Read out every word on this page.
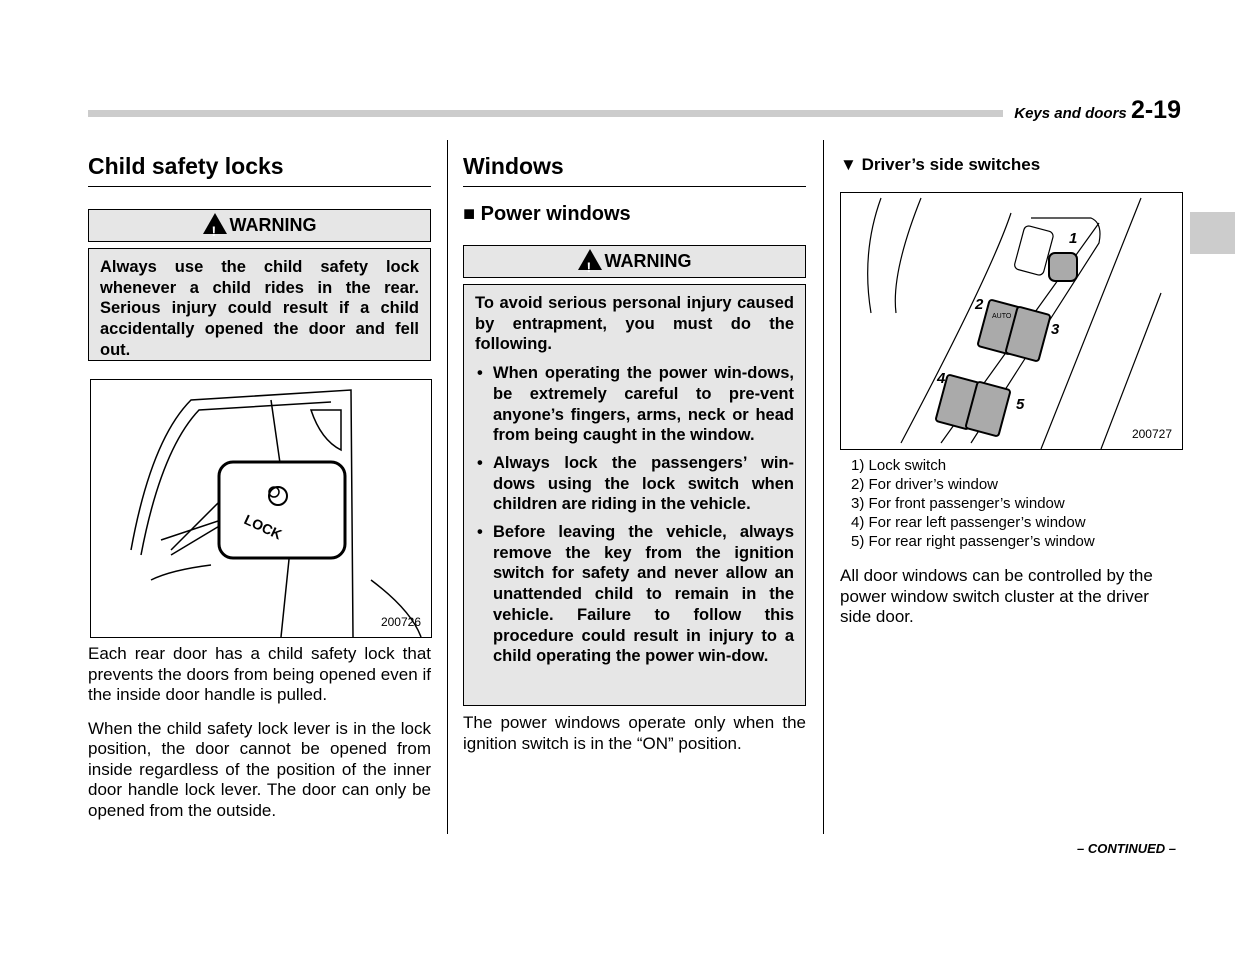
Keys and doors 2-19
Child safety locks
!WARNING
Always use the child safety lock whenever a child rides in the rear. Serious injury could result if a child accidentally opened the door and fell out.
LOCK
200726

Each rear door has a child safety lock that prevents the doors from being opened even if the inside door handle is pulled.

When the child safety lock lever is in the lock position, the door cannot be opened from inside regardless of the position of the inner door handle lock lever. The door can only be opened from the outside.

Windows
■ Power windows
!WARNING
To avoid serious personal injury caused by entrapment, you must do the following.
• When operating the power win-dows, be extremely careful to pre-vent anyone’s fingers, arms, neck or head from being caught in the window.
• Always lock the passengers’ win-dows using the lock switch when children are riding in the vehicle.
• Before leaving the vehicle, always remove the key from the ignition switch for safety and never allow an unattended child to remain in the vehicle. Failure to follow this procedure could result in injury to a child operating the power win-dow.

The power windows operate only when the ignition switch is in the “ON” position.

▼ Driver’s side switches
AUTO
1
2
3
4
5
200727
1) Lock switch
2) For driver’s window
3) For front passenger’s window
4) For rear left passenger’s window
5) For rear right passenger’s window

All door windows can be controlled by the power window switch cluster at the driver side door.

– CONTINUED –
